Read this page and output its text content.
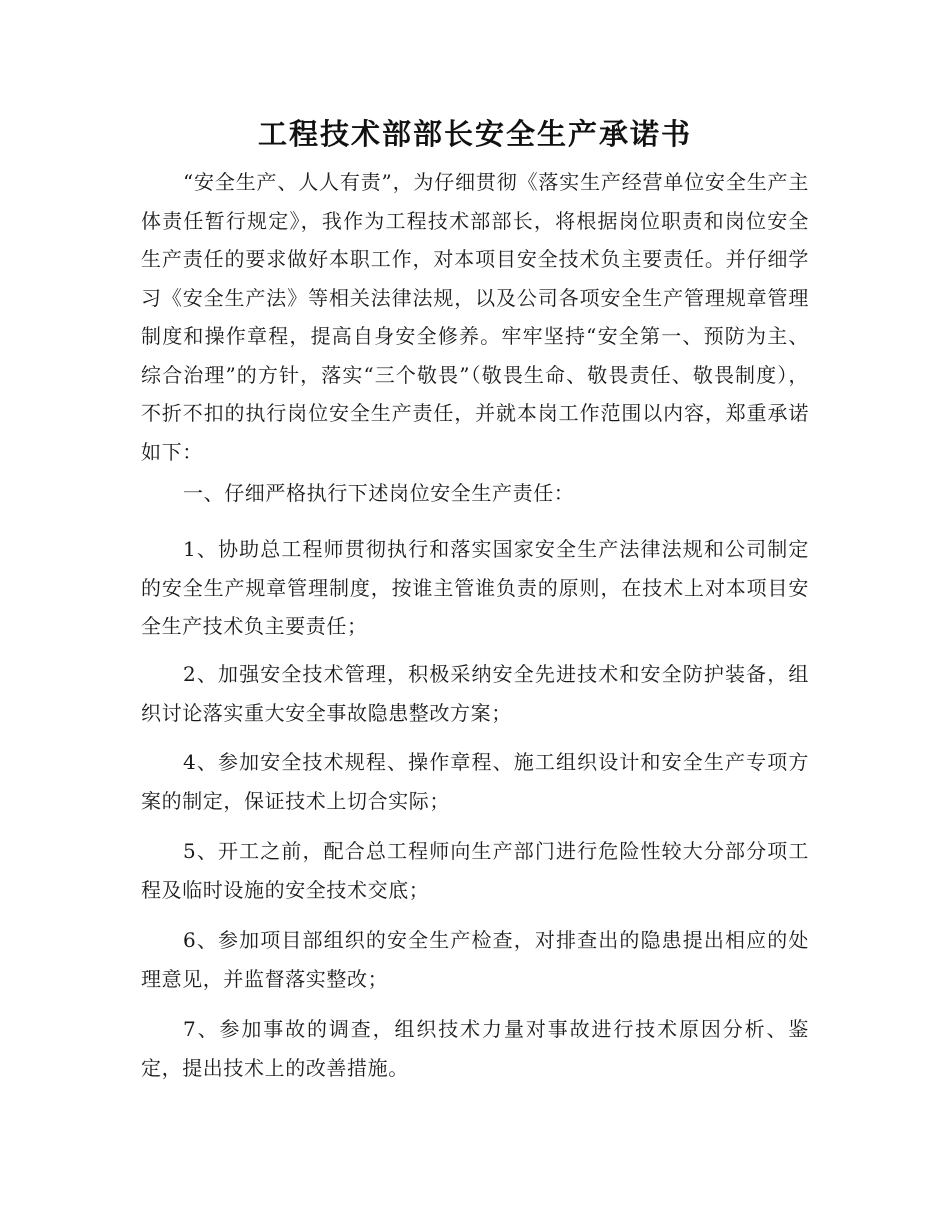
工程技术部部长安全生产承诺书

“安全生产、人人有责”，为仔细贯彻《落实生产经营单位安全生产主体责任暂行规定》，我作为工程技术部部长，将根据岗位职责和岗位安全生产责任的要求做好本职工作，对本项目安全技术负主要责任。并仔细学习《安全生产法》等相关法律法规，以及公司各项安全生产管理规章管理制度和操作章程，提高自身安全修养。牢牢坚持“安全第一、预防为主、综合治理”的方针，落实“三个敬畏”（敬畏生命、敬畏责任、敬畏制度），不折不扣的执行岗位安全生产责任，并就本岗工作范围以内容，郑重承诺如下：

一、仔细严格执行下述岗位安全生产责任：

1、协助总工程师贯彻执行和落实国家安全生产法律法规和公司制定的安全生产规章管理制度，按谁主管谁负责的原则，在技术上对本项目安全生产技术负主要责任；

2、加强安全技术管理，积极采纳安全先进技术和安全防护装备，组织讨论落实重大安全事故隐患整改方案；

4、参加安全技术规程、操作章程、施工组织设计和安全生产专项方案的制定，保证技术上切合实际；

5、开工之前，配合总工程师向生产部门进行危险性较大分部分项工程及临时设施的安全技术交底；

6、参加项目部组织的安全生产检查，对排查出的隐患提出相应的处理意见，并监督落实整改；

7、参加事故的调查，组织技术力量对事故进行技术原因分析、鉴定，提出技术上的改善措施。
